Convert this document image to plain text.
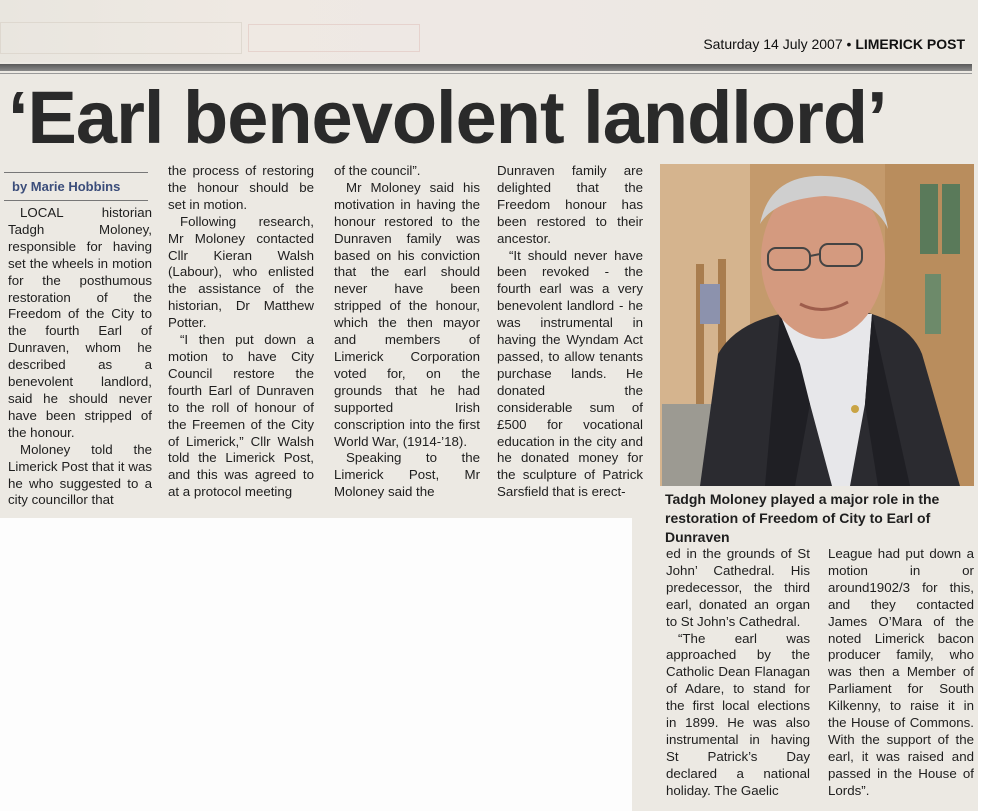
Saturday 14 July 2007 • LIMERICK POST
‘Earl benevolent landlord’
by Marie Hobbins

LOCAL historian Tadgh Moloney, responsible for having set the wheels in motion for the posthumous restoration of the Freedom of the City to the fourth Earl of Dunraven, whom he described as a benevolent landlord, said he should never have been stripped of the honour.

Moloney told the Limerick Post that it was he who suggested to a city councillor that

the process of restoring the honour should be set in motion.

Following research, Mr Moloney contacted Cllr Kieran Walsh (Labour), who enlisted the assistance of the historian, Dr Matthew Potter.

“I then put down a motion to have City Council restore the fourth Earl of Dunraven to the roll of honour of the Freemen of the City of Limerick,” Cllr Walsh told the Limerick Post, and this was agreed to at a protocol meeting

of the council”.

Mr Moloney said his motivation in having the honour restored to the Dunraven family was based on his conviction that the earl should never have been stripped of the honour, which the then mayor and members of Limerick Corporation voted for, on the grounds that he had supported Irish conscription into the first World War, (1914-’18).

Speaking to the Limerick Post, Mr Moloney said the

Dunraven family are delighted that the Freedom honour has been restored to their ancestor.

“It should never have been revoked - the fourth earl was a very benevolent landlord - he was instrumental in having the Wyndam Act passed, to allow tenants purchase lands. He donated the considerable sum of £500 for vocational education in the city and he donated money for the sculpture of Patrick Sarsfield that is erect-	Tadgh Moloney played a major role in the restoration of Freedom of City to Earl of Dunraven

ed in the grounds of St John’ Cathedral. His predecessor, the third earl, donated an organ to St John’s Cathedral.

“The earl was approached by the Catholic Dean Flanagan of Adare, to stand for the first local elections in 1899. He was also instrumental in having St Patrick’s Day declared a national holiday. The Gaelic

League had put down a motion in or around1902/3 for this, and they contacted James O’Mara of the noted Limerick bacon producer family, who was then a Member of Parliament for South Kilkenny, to raise it in the House of Commons. With the support of the earl, it was raised and passed in the House of Lords”.
